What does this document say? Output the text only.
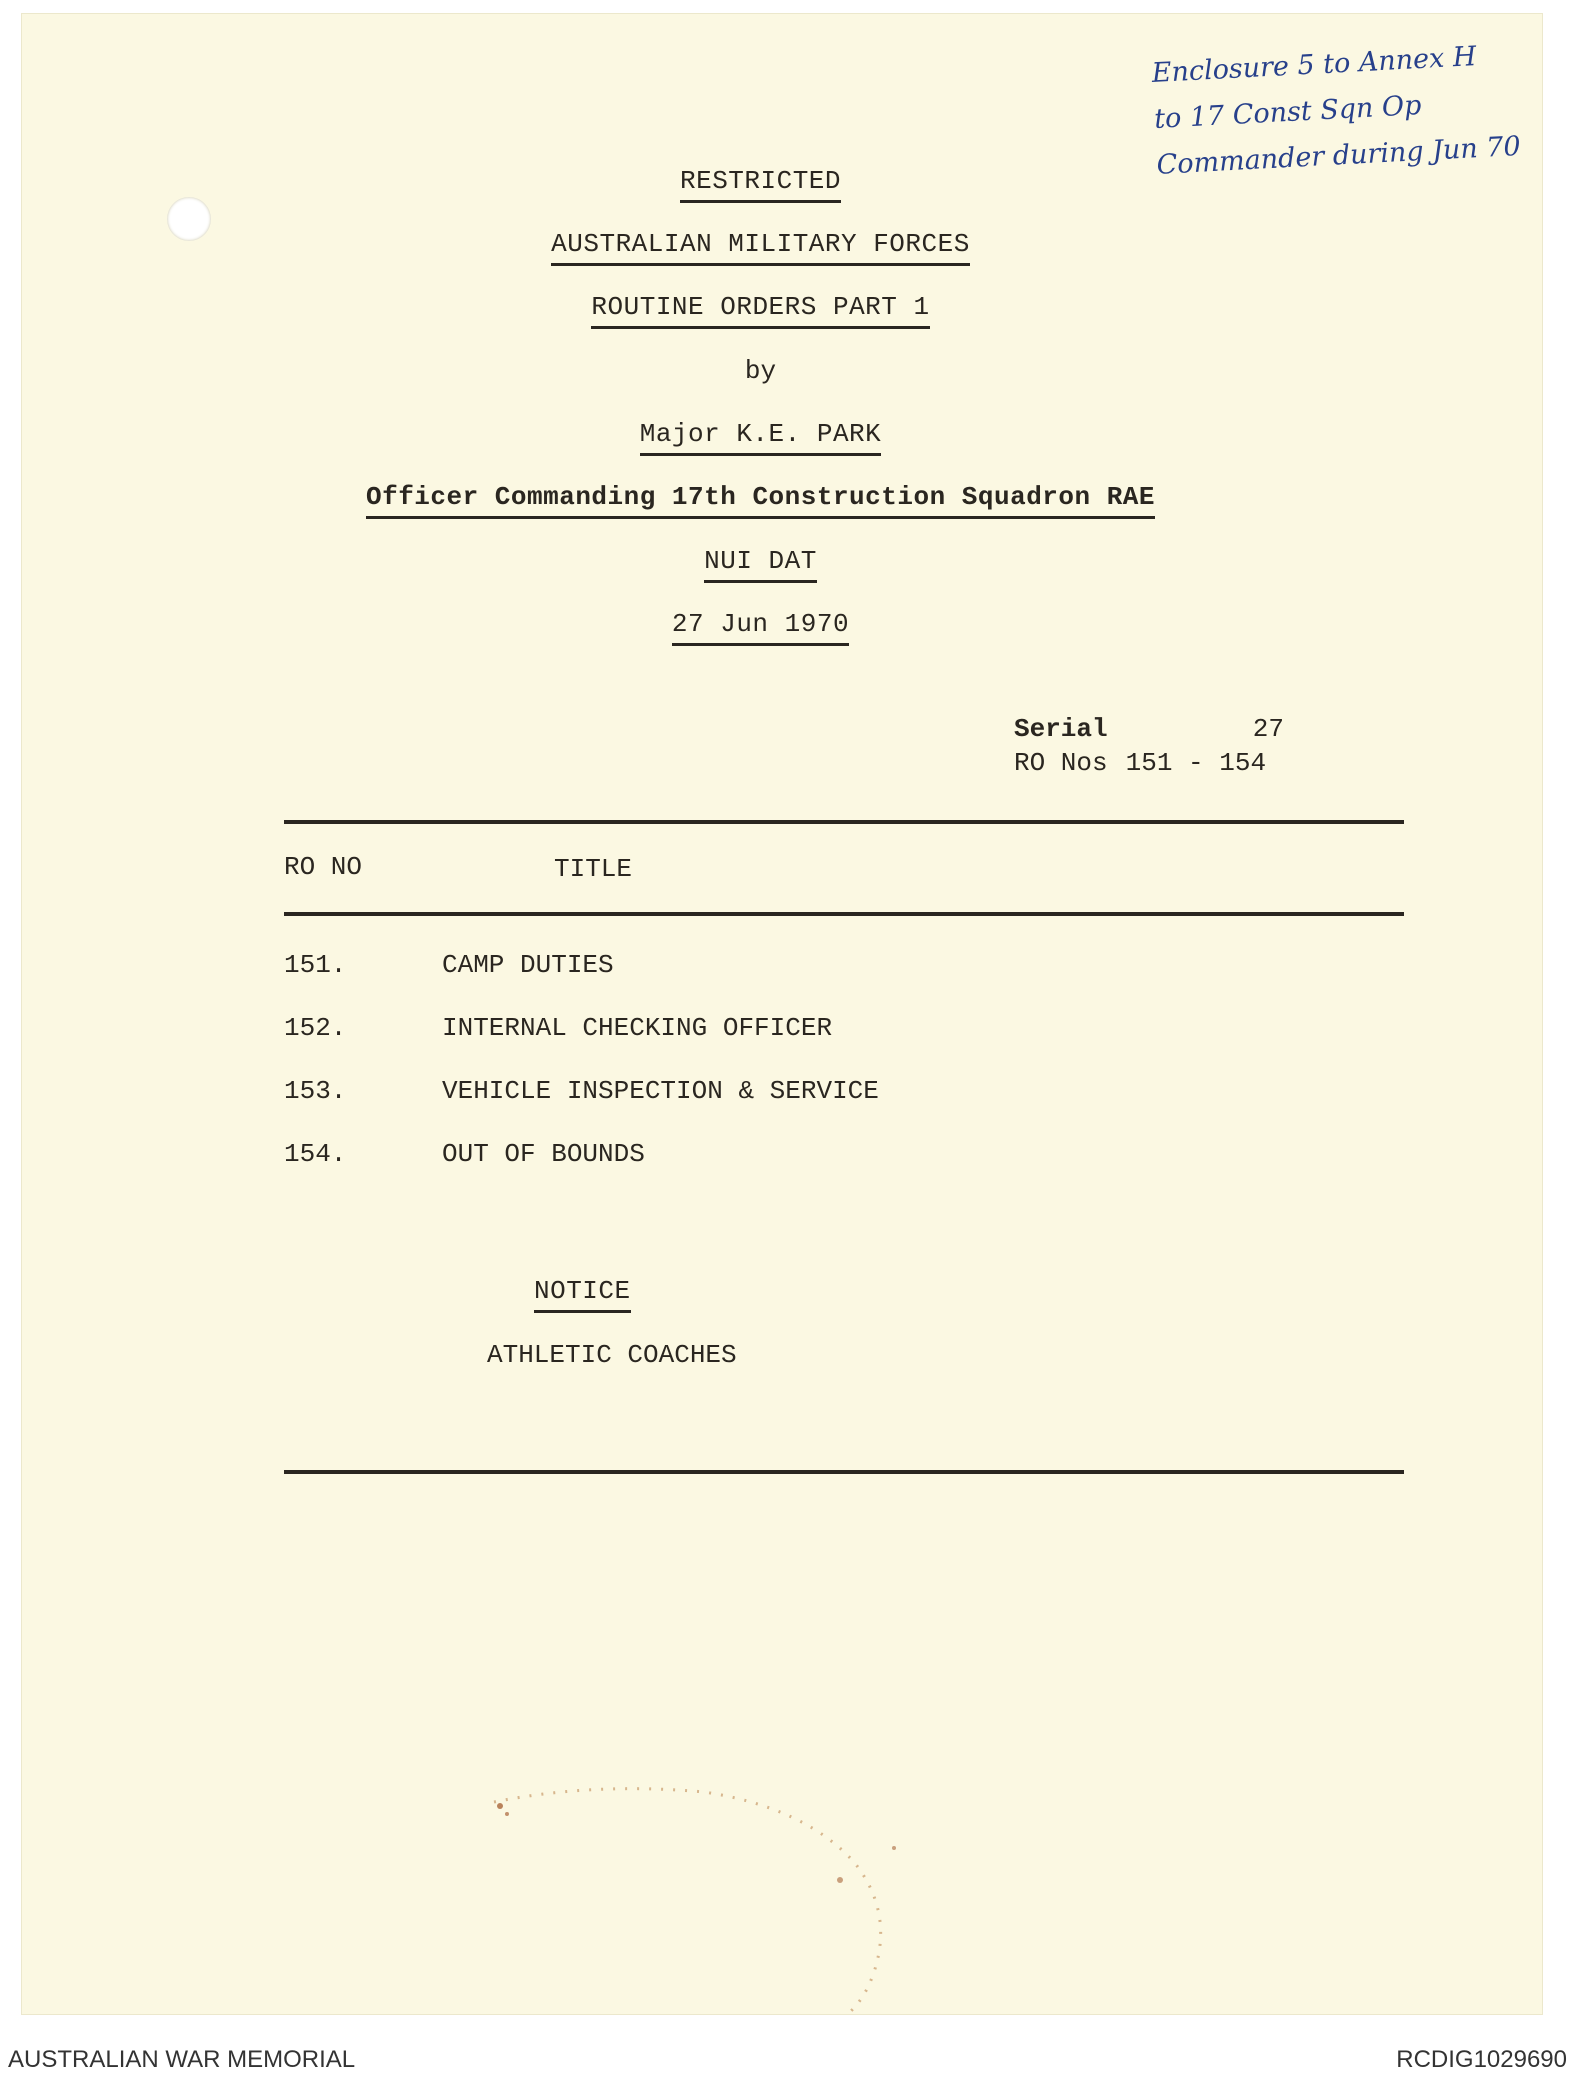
Enclosure 5 to Annex H
to 17 Const Sqn Op
Commander during Jun 70
RESTRICTED
AUSTRALIAN MILITARY FORCES
ROUTINE ORDERS PART 1
by
Major K.E. PARK
Officer Commanding 17th Construction Squadron RAE
NUI DAT
27 Jun 1970
Serial	27
RO Nos 151 - 154
RO NO	TITLE
151.	CAMP DUTIES
152.	INTERNAL CHECKING OFFICER
153.	VEHICLE INSPECTION & SERVICE
154.	OUT OF BOUNDS
NOTICE
ATHLETIC COACHES
AUSTRALIAN WAR MEMORIAL	RCDIG1029690
